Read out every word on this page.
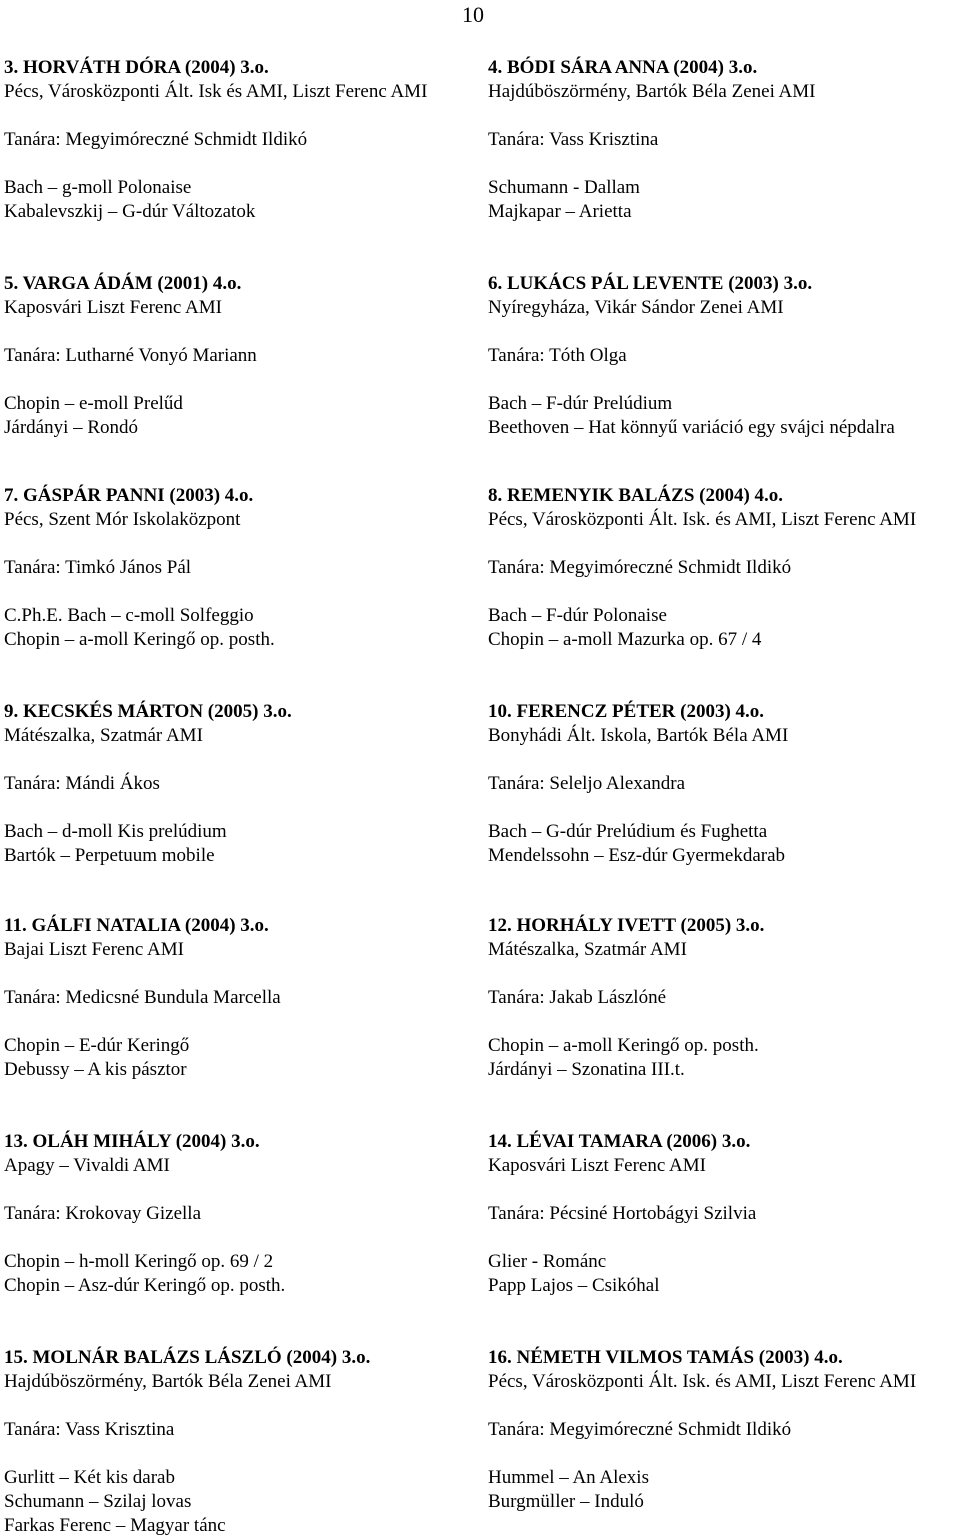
10
3. HORVÁTH DÓRA (2004) 3.o.
Pécs, Városközponti Ált. Isk és AMI, Liszt Ferenc AMI
Tanára: Megyimóreczné Schmidt Ildikó
Bach – g-moll Polonaise
Kabalevszkij – G-dúr Változatok
4. BÓDI SÁRA ANNA (2004) 3.o.
Hajdúböszörmény, Bartók Béla Zenei AMI
Tanára: Vass Krisztina
Schumann - Dallam
Majkapar – Arietta
5. VARGA ÁDÁM (2001) 4.o.
Kaposvári Liszt Ferenc AMI
Tanára: Lutharné Vonyó Mariann
Chopin – e-moll Prelűd
Járdányi – Rondó
6. LUKÁCS PÁL LEVENTE (2003) 3.o.
Nyíregyháza, Vikár Sándor Zenei AMI
Tanára: Tóth Olga
Bach – F-dúr Prelúdium
Beethoven – Hat könnyű variáció egy svájci népdalra
7. GÁSPÁR PANNI (2003) 4.o.
Pécs, Szent Mór Iskolaközpont
Tanára: Timkó János Pál
C.Ph.E. Bach – c-moll Solfeggio
Chopin – a-moll Keringő op. posth.
8. REMENYIK BALÁZS (2004) 4.o.
Pécs, Városközponti Ált. Isk. és AMI, Liszt Ferenc AMI
Tanára: Megyimóreczné Schmidt Ildikó
Bach – F-dúr Polonaise
Chopin – a-moll Mazurka op. 67 / 4
9. KECSKÉS MÁRTON (2005) 3.o.
Mátészalka, Szatmár AMI
Tanára: Mándi Ákos
Bach – d-moll Kis prelúdium
Bartók – Perpetuum mobile
10. FERENCZ PÉTER (2003) 4.o.
Bonyhádi Ált. Iskola, Bartók Béla AMI
Tanára: Seleljo Alexandra
Bach – G-dúr Prelúdium és Fughetta
Mendelssohn – Esz-dúr Gyermekdarab
11. GÁLFI NATALIA (2004) 3.o.
Bajai Liszt Ferenc AMI
Tanára: Medicsné Bundula Marcella
Chopin – E-dúr Keringő
Debussy – A kis pásztor
12. HORHÁLY IVETT (2005) 3.o.
Mátészalka, Szatmár AMI
Tanára: Jakab Lászlóné
Chopin – a-moll Keringő op. posth.
Járdányi – Szonatina III.t.
13. OLÁH MIHÁLY (2004) 3.o.
Apagy – Vivaldi AMI
Tanára: Krokovay Gizella
Chopin – h-moll Keringő op. 69 / 2
Chopin – Asz-dúr Keringő op. posth.
14. LÉVAI TAMARA (2006) 3.o.
Kaposvári Liszt Ferenc AMI
Tanára: Pécsiné Hortobágyi Szilvia
Glier - Románc
Papp Lajos – Csikóhal
15. MOLNÁR BALÁZS LÁSZLÓ (2004) 3.o.
Hajdúböszörmény, Bartók Béla Zenei AMI
Tanára: Vass Krisztina
Gurlitt – Két kis darab
Schumann – Szilaj lovas
Farkas Ferenc – Magyar tánc
16. NÉMETH VILMOS TAMÁS (2003) 4.o.
Pécs, Városközponti Ált. Isk. és AMI, Liszt Ferenc AMI
Tanára: Megyimóreczné Schmidt Ildikó
Hummel – An Alexis
Burgmüller – Induló
